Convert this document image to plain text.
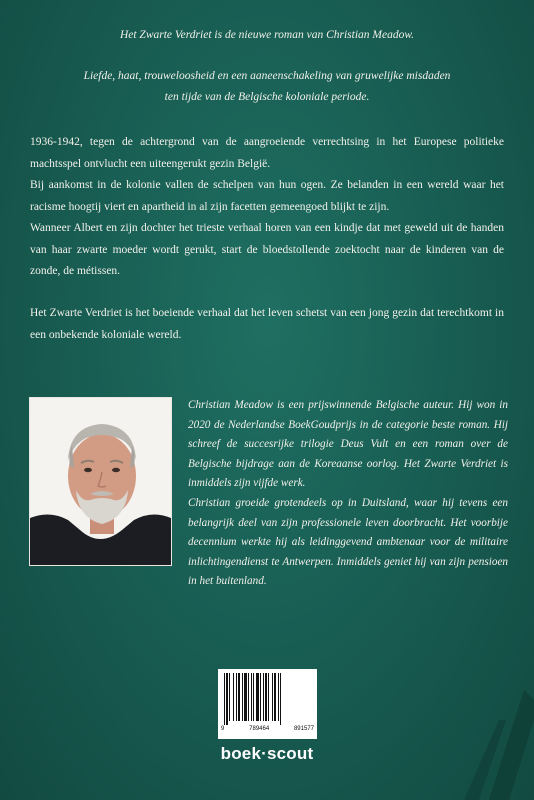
Het Zwarte Verdriet is de nieuwe roman van Christian Meadow.
Liefde, haat, trouweloosheid en een aaneenschakeling van gruwelijke misdaden
ten tijde van de Belgische koloniale periode.

1936-1942, tegen de achtergrond van de aangroeiende verrechtsing in het Europese politieke machtsspel ontvlucht een uiteengerukt gezin België.

Bij aankomst in de kolonie vallen de schelpen van hun ogen. Ze belanden in een wereld waar het racisme hoogtij viert en apartheid in al zijn facetten gemeengoed blijkt te zijn.

Wanneer Albert en zijn dochter het trieste verhaal horen van een kindje dat met geweld uit de handen van haar zwarte moeder wordt gerukt, start de bloedstollende zoektocht naar de kinderen van de zonde, de métissen.

Het Zwarte Verdriet is het boeiende verhaal dat het leven schetst van een jong gezin dat terechtkomt in een onbekende koloniale wereld.

Christian Meadow is een prijswinnende Belgische auteur. Hij won in 2020 de Nederlandse BoekGoudprijs in de categorie beste roman. Hij schreef de succesrijke trilogie Deus Vult en een roman over de Belgische bijdrage aan de Koreaanse oorlog. Het Zwarte Verdriet is inmiddels zijn vijfde werk.

Christian groeide grotendeels op in Duitsland, waar hij tevens een belangrijk deel van zijn professionele leven doorbracht. Het voorbije decennium werkte hij als leidinggevend ambtenaar voor de militaire inlichtingendienst te Antwerpen. Inmiddels geniet hij van zijn pensioen in het buitenland.

9	789464	891577
boek·scout
